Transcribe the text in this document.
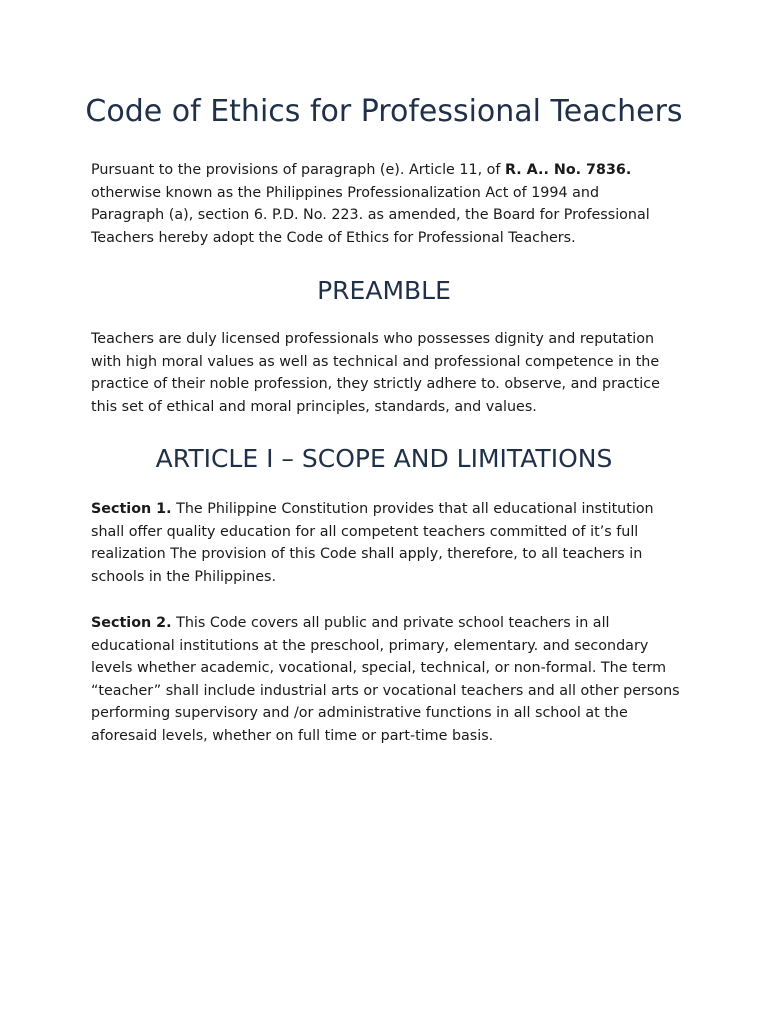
Code of Ethics for Professional Teachers

Pursuant to the provisions of paragraph (e). Article 11, of R. A.. No. 7836.
otherwise known as the Philippines Professionalization Act of 1994 and
Paragraph (a), section 6. P.D. No. 223. as amended, the Board for Professional
Teachers hereby adopt the Code of Ethics for Professional Teachers.

PREAMBLE

Teachers are duly licensed professionals who possesses dignity and reputation
with high moral values as well as technical and professional competence in the
practice of their noble profession, they strictly adhere to. observe, and practice
this set of ethical and moral principles, standards, and values.

ARTICLE I – SCOPE AND LIMITATIONS

Section 1. The Philippine Constitution provides that all educational institution
shall offer quality education for all competent teachers committed of it’s full
realization The provision of this Code shall apply, therefore, to all teachers in
schools in the Philippines.

Section 2. This Code covers all public and private school teachers in all
educational institutions at the preschool, primary, elementary. and secondary
levels whether academic, vocational, special, technical, or non-formal. The term
“teacher” shall include industrial arts or vocational teachers and all other persons
performing supervisory and /or administrative functions in all school at the
aforesaid levels, whether on full time or part-time basis.
